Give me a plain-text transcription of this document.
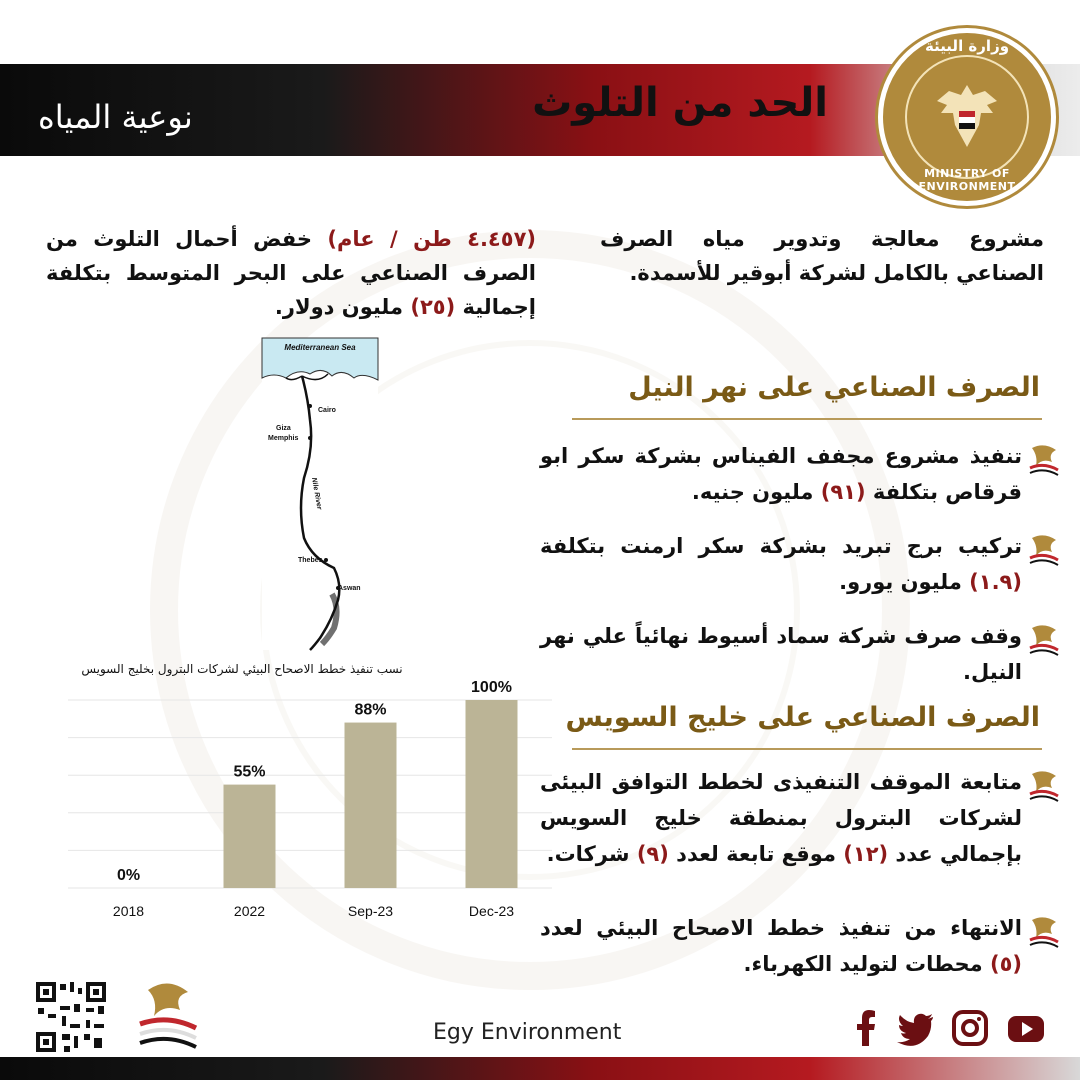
الحد من التلوث
نوعية المياه
وزارة البيئة
MINISTRY OF ENVIRONMENT
مشروع معالجة وتدوير مياه الصرف الصناعي بالكامل لشركة أبوقير للأسمدة.
(٤.٤٥٧ طن / عام) خفض أحمال التلوث من الصرف الصناعي على البحر المتوسط بتكلفة إجمالية (٢٥) مليون دولار.
الصرف الصناعي على نهر النيل
تنفيذ مشروع مجفف الفيناس بشركة سكر ابو قرقاص بتكلفة (٩١) مليون جنيه.
تركيب برج تبريد بشركة سكر ارمنت بتكلفة (١.٩) مليون يورو.
وقف صرف شركة سماد أسيوط نهائياً علي نهر النيل.
الصرف الصناعي على خليج السويس
متابعة الموقف التنفيذى لخطط التوافق البيئى لشركات البترول بمنطقة خليج السويس بإجمالي عدد (١٢) موقع تابعة لعدد (٩) شركات.
الانتهاء من تنفيذ خطط الاصحاح البيئي لعدد (٥) محطات لتوليد الكهرباء.
Mediterranean Sea
Cairo
Giza
Memphis
Nile River
Thebes
Aswan
نسب تنفيذ خطط الاصحاح البيئي لشركات البترول بخليج السويس
0%
2018
55%
2022
88%
Sep-23
100%
Dec-23
Egy Environment
